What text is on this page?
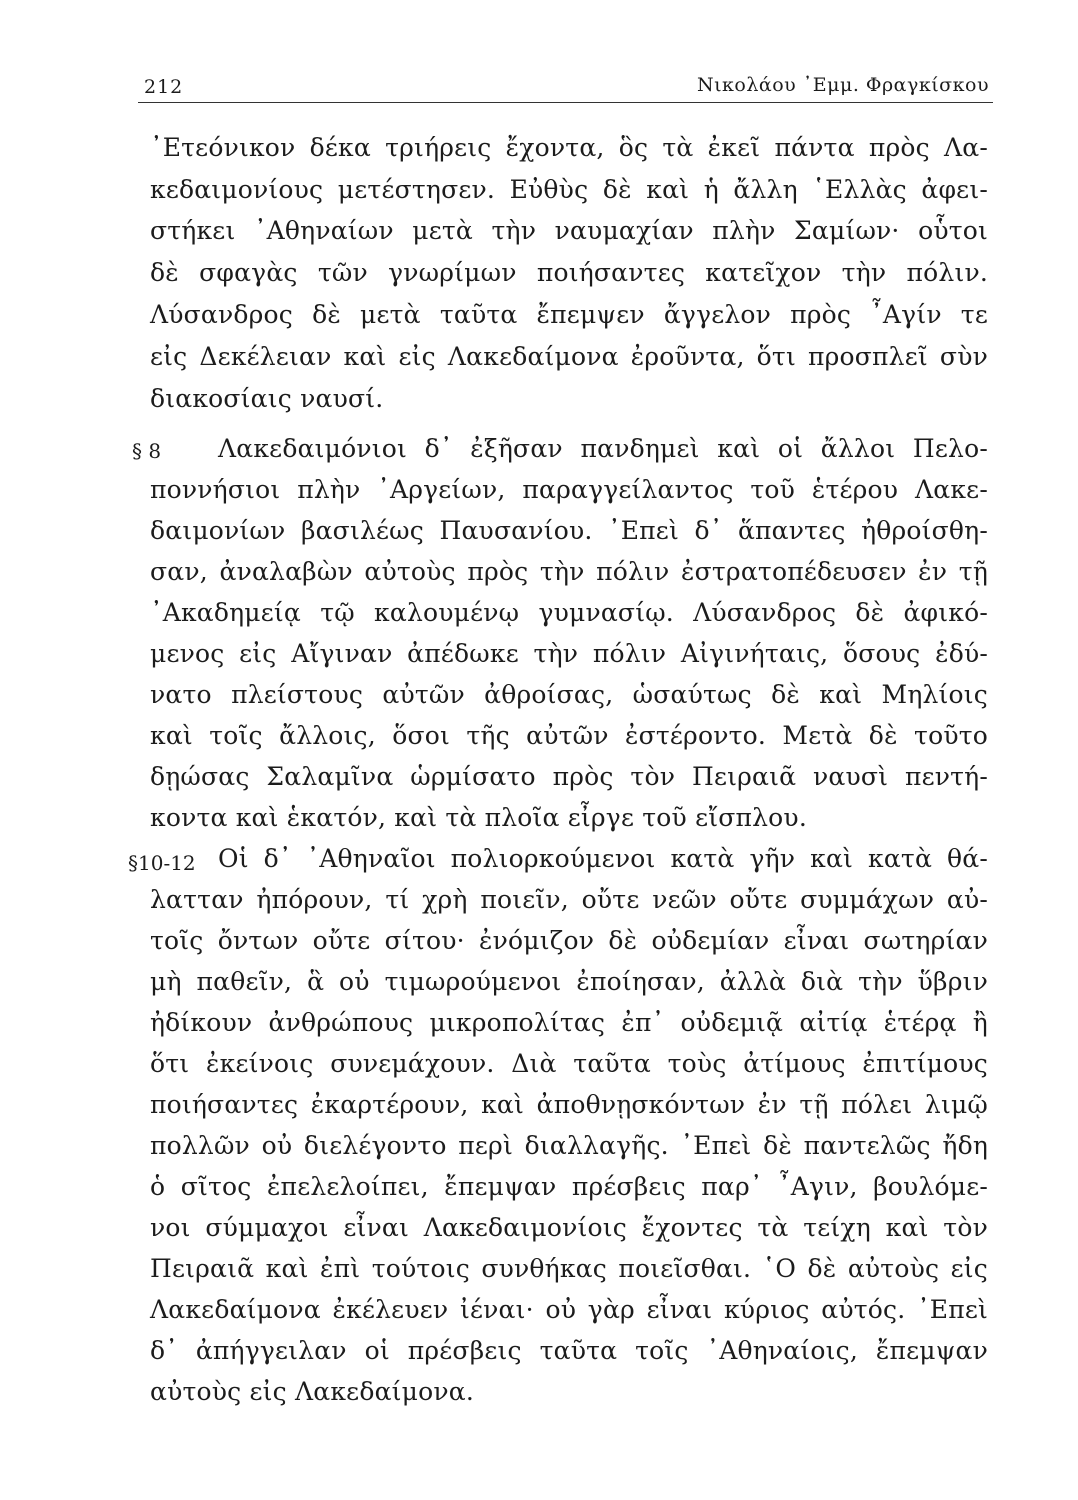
212	Νικολάου ᾿Εμμ. Φραγκίσκου
§ 8
§10-12
᾿Ετεόνικον δέκα τριήρεις ἔχοντα, ὃς τὰ ἐκεῖ πάντα πρὸς Λα-
κεδαιμονίους μετέστησεν. Εὐθὺς δὲ καὶ ἡ ἄλλη ῾Ελλὰς ἀφει-
στήκει ᾿Αθηναίων μετὰ τὴν ναυμαχίαν πλὴν Σαμίων· οὗτοι
δὲ σφαγὰς τῶν γνωρίμων ποιήσαντες κατεῖχον τὴν πόλιν.
Λύσανδρος δὲ μετὰ ταῦτα ἔπεμψεν ἄγγελον πρὸς ῏Αγίν τε
εἰς Δεκέλειαν καὶ εἰς Λακεδαίμονα ἐροῦντα, ὅτι προσπλεῖ σὺν
διακοσίαις ναυσί.
Λακεδαιμόνιοι δ᾿ ἐξῆσαν πανδημεὶ καὶ οἱ ἄλλοι Πελο-
ποννήσιοι πλὴν ᾿Αργείων, παραγγείλαντος τοῦ ἑτέρου Λακε-
δαιμονίων βασιλέως Παυσανίου. ᾿Επεὶ δ᾿ ἅπαντες ἠθροίσθη-
σαν, ἀναλαβὼν αὐτοὺς πρὸς τὴν πόλιν ἐστρατοπέδευσεν ἐν τῇ
᾿Ακαδημείᾳ τῷ καλουμένῳ γυμνασίῳ. Λύσανδρος δὲ ἀφικό-
μενος εἰς Αἴγιναν ἀπέδωκε τὴν πόλιν Αἰγινήταις, ὅσους ἐδύ-
νατο πλείστους αὐτῶν ἀθροίσας, ὡσαύτως δὲ καὶ Μηλίοις
καὶ τοῖς ἄλλοις, ὅσοι τῆς αὐτῶν ἐστέροντο. Μετὰ δὲ τοῦτο
δῃώσας Σαλαμῖνα ὡρμίσατο πρὸς τὸν Πειραιᾶ ναυσὶ πεντή-
κοντα καὶ ἑκατόν, καὶ τὰ πλοῖα εἶργε τοῦ εἴσπλου.
Οἱ δ᾿ ᾿Αθηναῖοι πολιορκούμενοι κατὰ γῆν καὶ κατὰ θά-
λατταν ἠπόρουν, τί χρὴ ποιεῖν, οὔτε νεῶν οὔτε συμμάχων αὐ-
τοῖς ὄντων οὔτε σίτου· ἐνόμιζον δὲ οὐδεμίαν εἶναι σωτηρίαν
μὴ παθεῖν, ἃ οὐ τιμωρούμενοι ἐποίησαν, ἀλλὰ διὰ τὴν ὕβριν
ἠδίκουν ἀνθρώπους μικροπολίτας ἐπ᾿ οὐδεμιᾷ αἰτίᾳ ἑτέρᾳ ἢ
ὅτι ἐκείνοις συνεμάχουν. Διὰ ταῦτα τοὺς ἀτίμους ἐπιτίμους
ποιήσαντες ἐκαρτέρουν, καὶ ἀποθνῃσκόντων ἐν τῇ πόλει λιμῷ
πολλῶν οὐ διελέγοντο περὶ διαλλαγῆς. ᾿Επεὶ δὲ παντελῶς ἤδη
ὁ σῖτος ἐπελελοίπει, ἔπεμψαν πρέσβεις παρ᾿ ῏Αγιν, βουλόμε-
νοι σύμμαχοι εἶναι Λακεδαιμονίοις ἔχοντες τὰ τείχη καὶ τὸν
Πειραιᾶ καὶ ἐπὶ τούτοις συνθήκας ποιεῖσθαι. ῾Ο δὲ αὐτοὺς εἰς
Λακεδαίμονα ἐκέλευεν ἰέναι· οὐ γὰρ εἶναι κύριος αὐτός. ᾿Επεὶ
δ᾿ ἀπήγγειλαν οἱ πρέσβεις ταῦτα τοῖς ᾿Αθηναίοις, ἔπεμψαν
αὐτοὺς εἰς Λακεδαίμονα.
